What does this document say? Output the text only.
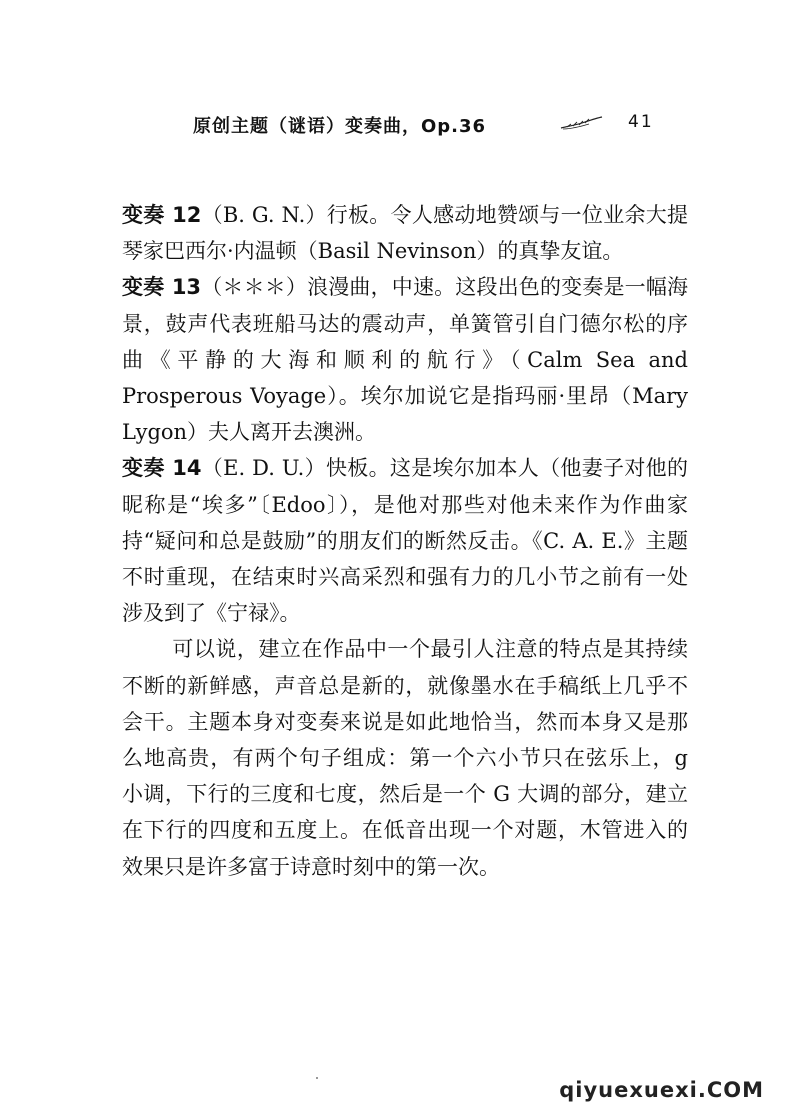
原创主题（谜语）变奏曲，Op.36	41

变奏 12（B. G. N.）行板。令人感动地赞颂与一位业余大提琴家巴西尔·内温顿（Basil Nevinson）的真挚友谊。

变奏 13（＊＊＊）浪漫曲，中速。这段出色的变奏是一幅海景，鼓声代表班船马达的震动声，单簧管引自门德尔松的序曲《平静的大海和顺利的航行》（Calm Sea and Prosperous Voyage）。埃尔加说它是指玛丽·里昂（Mary Lygon）夫人离开去澳洲。

变奏 14（E. D. U.）快板。这是埃尔加本人（他妻子对他的昵称是“埃多”〔Edoo〕），是他对那些对他未来作为作曲家持“疑问和总是鼓励”的朋友们的断然反击。《C. A. E.》主题不时重现，在结束时兴高采烈和强有力的几小节之前有一处涉及到了《宁禄》。

可以说，建立在作品中一个最引人注意的特点是其持续不断的新鲜感，声音总是新的，就像墨水在手稿纸上几乎不会干。主题本身对变奏来说是如此地恰当，然而本身又是那么地高贵，有两个句子组成：第一个六小节只在弦乐上，g 小调，下行的三度和七度，然后是一个 G 大调的部分，建立在下行的四度和五度上。在低音出现一个对题，木管进入的效果只是许多富于诗意时刻中的第一次。

qiyuexuexi.COM
